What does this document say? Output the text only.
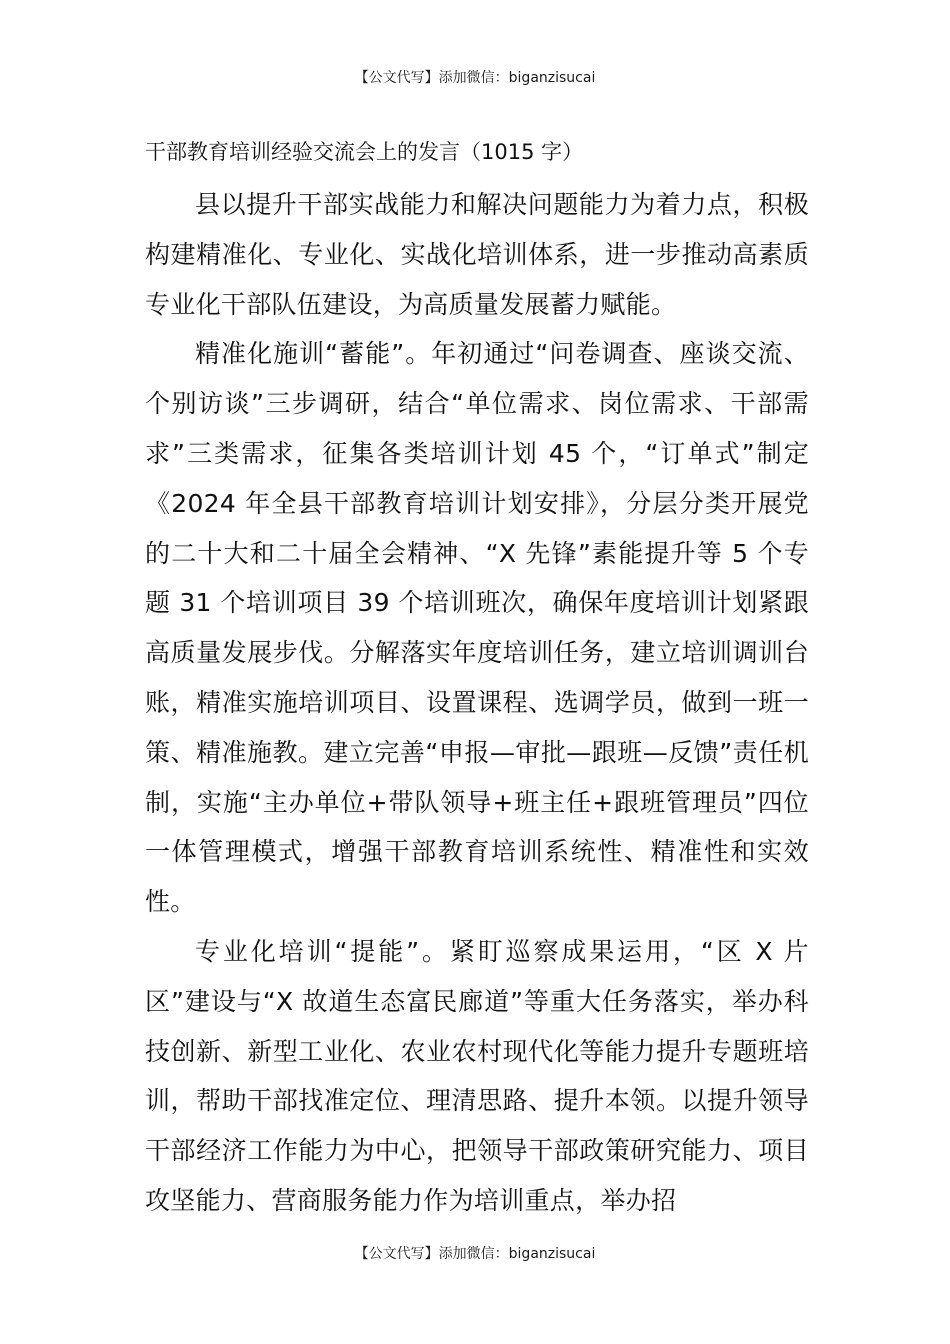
【公文代写】添加微信：biganzisucai
干部教育培训经验交流会上的发言（1015 字）

县以提升干部实战能力和解决问题能力为着力点，积极构建精准化、专业化、实战化培训体系，进一步推动高素质专业化干部队伍建设，为高质量发展蓄力赋能。

精准化施训“蓄能”。年初通过“问卷调查、座谈交流、个别访谈”三步调研，结合“单位需求、岗位需求、干部需求”三类需求，征集各类培训计划 45 个，“订单式”制定《2024 年全县干部教育培训计划安排》，分层分类开展党的二十大和二十届全会精神、“X 先锋”素能提升等 5 个专题 31 个培训项目 39 个培训班次，确保年度培训计划紧跟高质量发展步伐。分解落实年度培训任务，建立培训调训台账，精准实施培训项目、设置课程、选调学员，做到一班一策、精准施教。建立完善“申报—审批—跟班—反馈”责任机制，实施“主办单位+带队领导+班主任+跟班管理员”四位一体管理模式，增强干部教育培训系统性、精准性和实效性。

专业化培训“提能”。紧盯巡察成果运用，“区 X 片区”建设与“X 故道生态富民廊道”等重大任务落实，举办科技创新、新型工业化、农业农村现代化等能力提升专题班培训，帮助干部找准定位、理清思路、提升本领。以提升领导干部经济工作能力为中心，把领导干部政策研究能力、项目攻坚能力、营商服务能力作为培训重点，举办招

【公文代写】添加微信：biganzisucai
